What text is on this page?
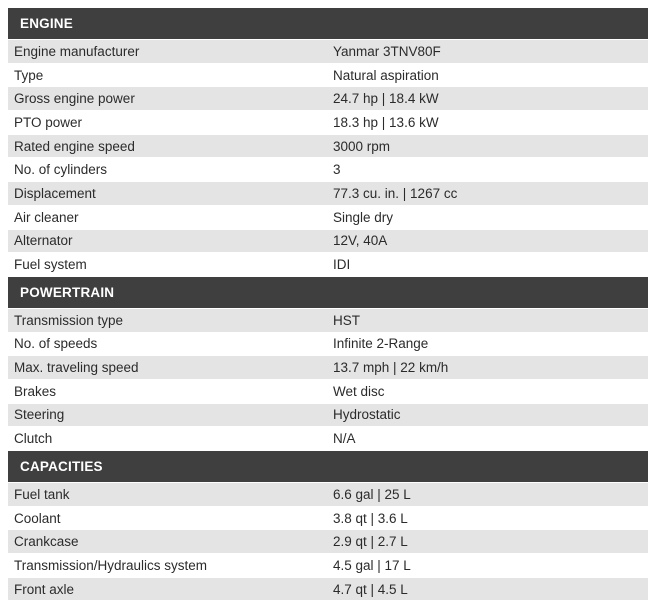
ENGINE
Engine manufacturer	Yanmar 3TNV80F
Type	Natural aspiration
Gross engine power	24.7 hp | 18.4 kW
PTO power	18.3 hp | 13.6 kW
Rated engine speed	3000 rpm
No. of cylinders	3
Displacement	77.3 cu. in. | 1267 cc
Air cleaner	Single dry
Alternator	12V, 40A
Fuel system	IDI
POWERTRAIN
Transmission type	HST
No. of speeds	Infinite 2-Range
Max. traveling speed	13.7 mph | 22 km/h
Brakes	Wet disc
Steering	Hydrostatic
Clutch	N/A
CAPACITIES
Fuel tank	6.6 gal | 25 L
Coolant	3.8 qt | 3.6 L
Crankcase	2.9 qt | 2.7 L
Transmission/Hydraulics system	4.5 gal | 17 L
Front axle	4.7 qt | 4.5 L
